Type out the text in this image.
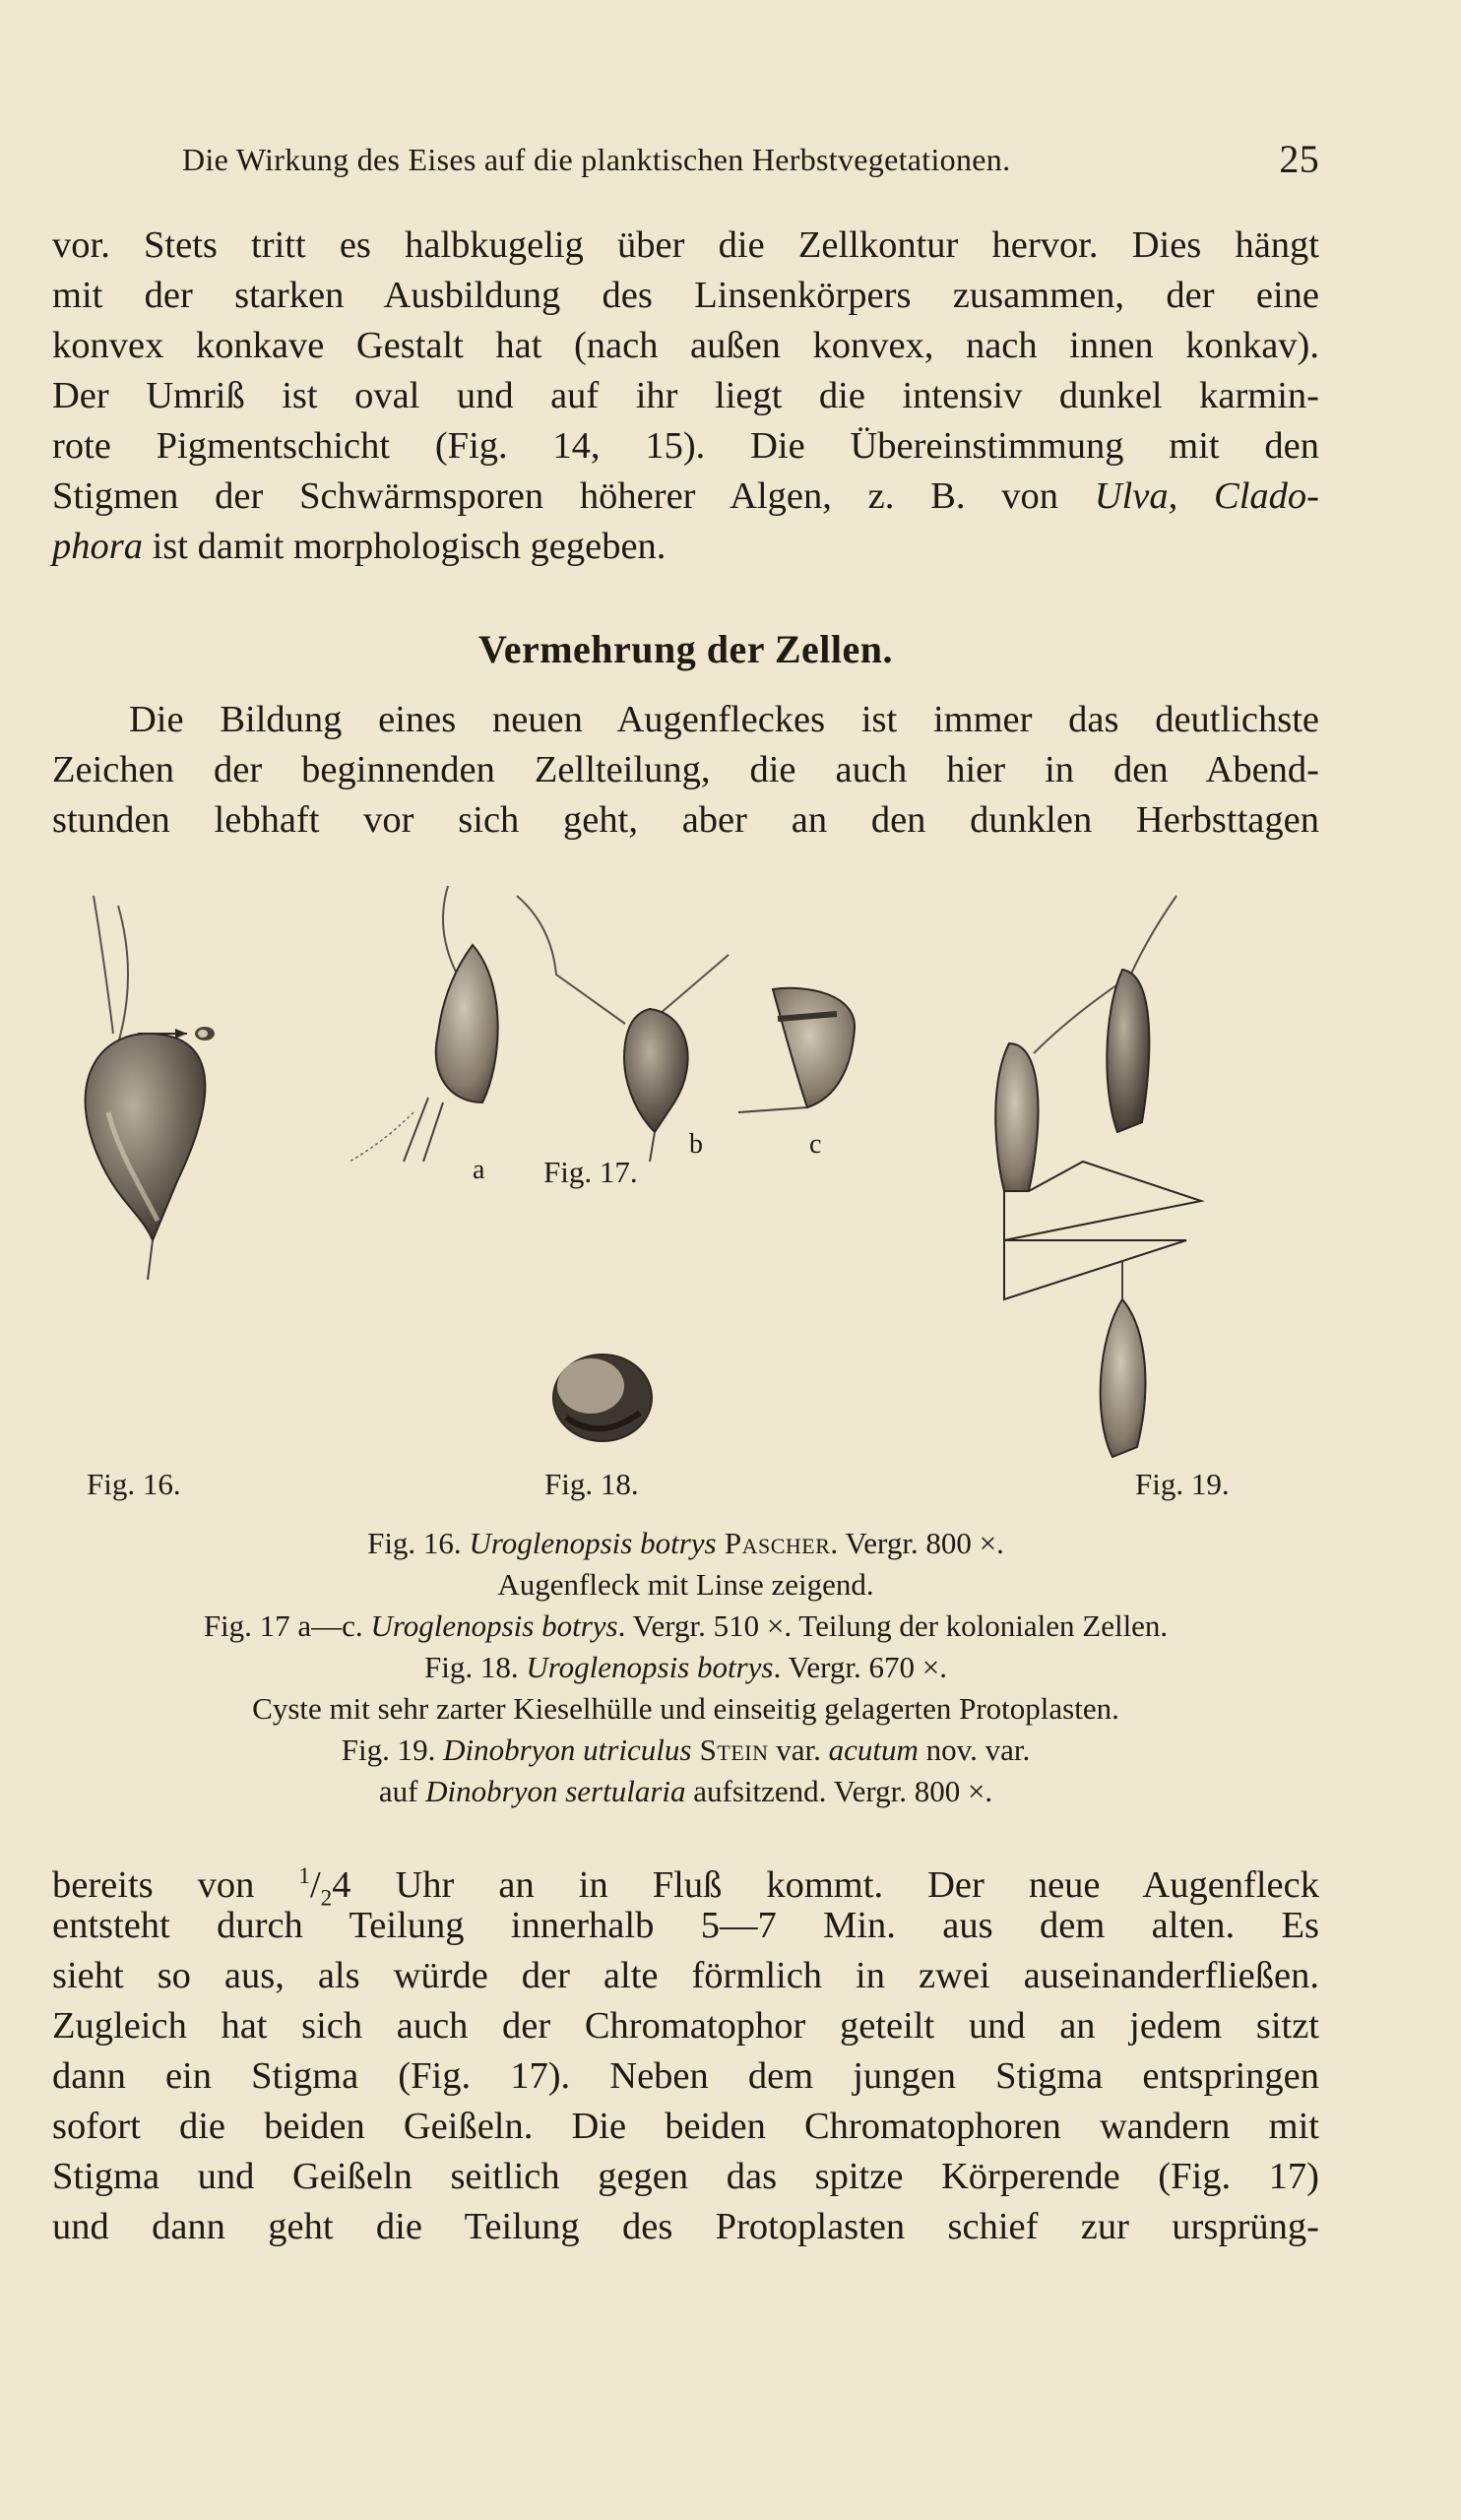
Die Wirkung des Eises auf die planktischen Herbstvegetationen.	25
vor. Stets tritt es halbkugelig über die Zellkontur hervor. Dies hängt
mit der starken Ausbildung des Linsenkörpers zusammen, der eine
konvex konkave Gestalt hat (nach außen konvex, nach innen konkav).
Der Umriß ist oval und auf ihr liegt die intensiv dunkel karmin-
rote Pigmentschicht (Fig. 14, 15). Die Übereinstimmung mit den
Stigmen der Schwärmsporen höherer Algen, z. B. von Ulva, Clado-
phora ist damit morphologisch gegeben.
Vermehrung der Zellen.
Die Bildung eines neuen Augenfleckes ist immer das deutlichste
Zeichen der beginnenden Zellteilung, die auch hier in den Abend-
stunden lebhaft vor sich geht, aber an den dunklen Herbsttagen
Fig. 16.
Fig. 17.
Fig. 18.	Fig. 19.
a
b	c
Fig. 16. Uroglenopsis botrys Pascher. Vergr. 800 ×.
Augenfleck mit Linse zeigend.
Fig. 17 a—c. Uroglenopsis botrys. Vergr. 510 ×. Teilung der kolonialen Zellen.
Fig. 18. Uroglenopsis botrys. Vergr. 670 ×.
Cyste mit sehr zarter Kieselhülle und einseitig gelagerten Protoplasten.
Fig. 19. Dinobryon utriculus Stein var. acutum nov. var.
auf Dinobryon sertularia aufsitzend. Vergr. 800 ×.
bereits von $^1/_24$ Uhr an in Fluß kommt. Der neue Augenfleck
entsteht durch Teilung innerhalb 5—7 Min. aus dem alten. Es
sieht so aus, als würde der alte förmlich in zwei auseinanderfließen.
Zugleich hat sich auch der Chromatophor geteilt und an jedem sitzt
dann ein Stigma (Fig. 17). Neben dem jungen Stigma entspringen
sofort die beiden Geißeln. Die beiden Chromatophoren wandern mit
Stigma und Geißeln seitlich gegen das spitze Körperende (Fig. 17)
und dann geht die Teilung des Protoplasten schief zur ursprüng-
